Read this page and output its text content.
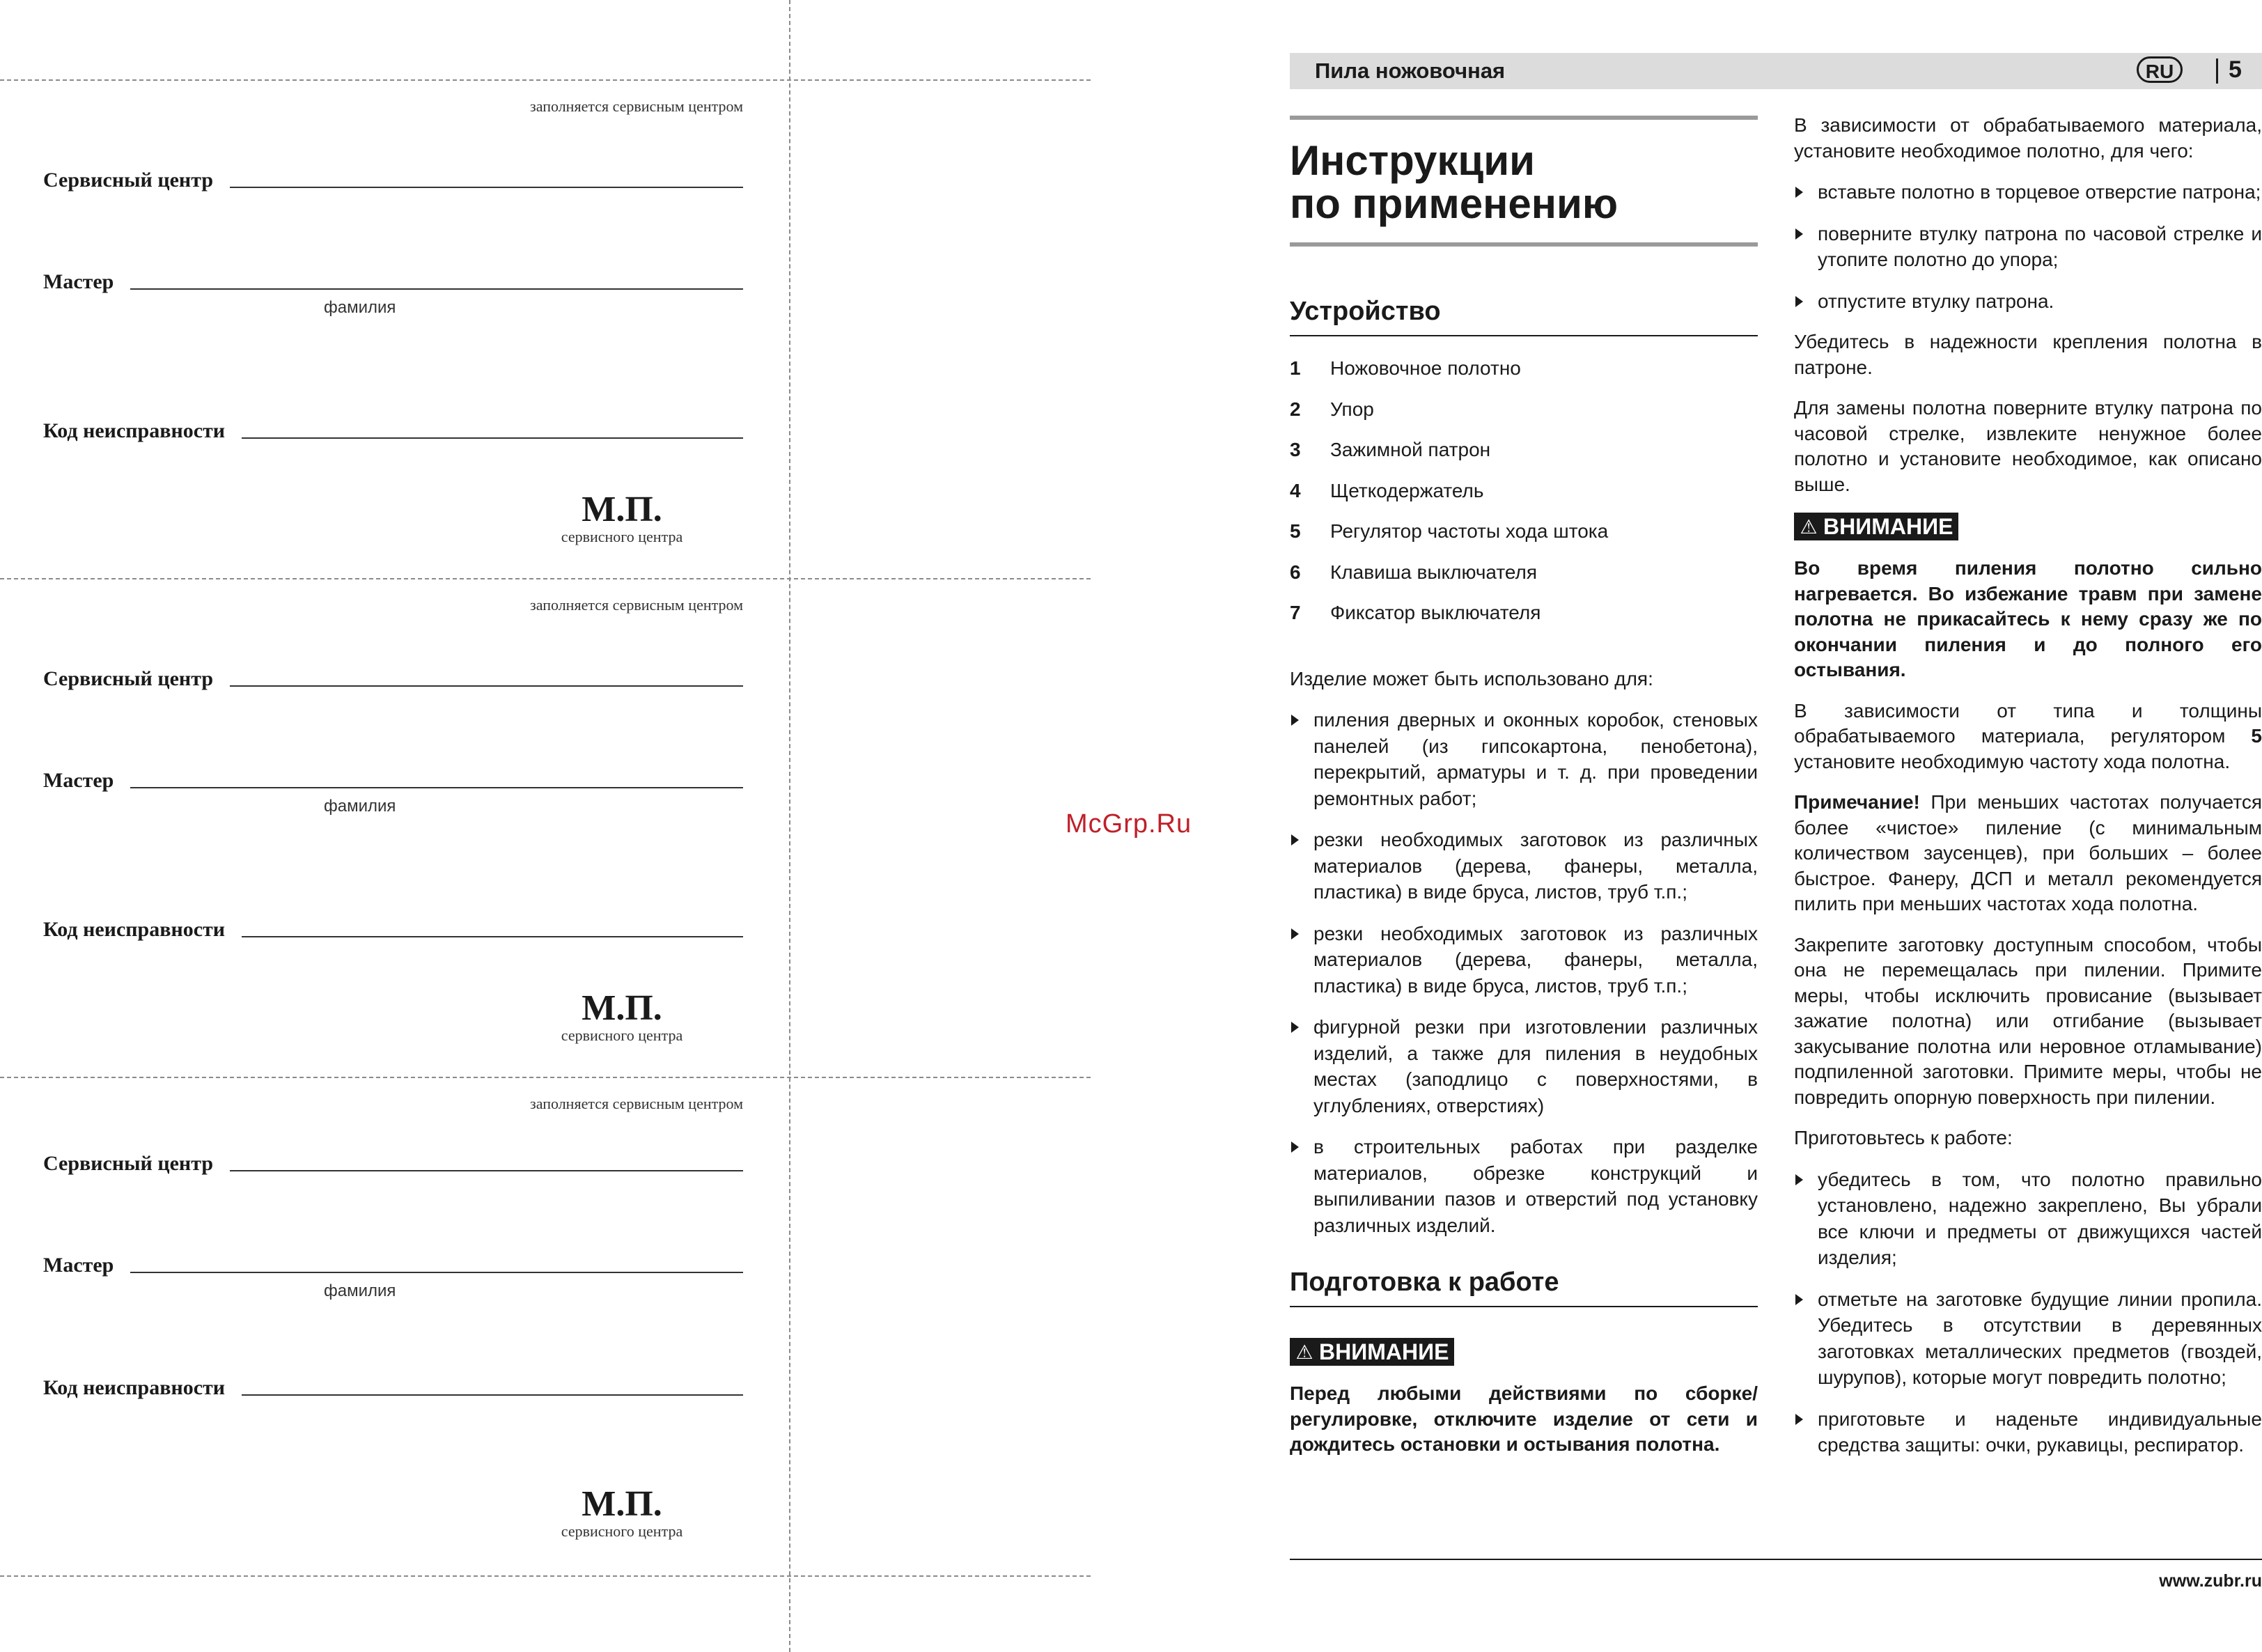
заполняется сервисным центром
Сервисный центр
Мастер
фамилия
Код неисправности
М.П.
сервисного центра
заполняется сервисным центром
Сервисный центр
Мастер
фамилия
Код неисправности
М.П.
сервисного центра
заполняется сервисным центром
Сервисный центр
Мастер
фамилия
Код неисправности
М.П.
сервисного центра
McGrp.Ru
Пила ножовочная	RU	5
Инструкции
по применению
Устройство
1	Ножовочное полотно
2	Упор
3	Зажимной патрон
4	Щеткодержатель
5	Регулятор частоты хода штока
6	Клавиша выключателя
7	Фиксатор выключателя

Изделие может быть использовано для:

пиления дверных и оконных коробок, стеновых панелей (из гипсокартона, пенобетона), перекрытий, арматуры и т. д. при проведении ремонтных работ;
резки необходимых заготовок из различных материалов (дерева, фанеры, металла, пластика) в виде бруса, листов, труб т.п.;
резки необходимых заготовок из различных материалов (дерева, фанеры, металла, пластика) в виде бруса, листов, труб т.п.;
фигурной резки при изготовлении различных изделий, а также для пиления в неудобных местах (заподлицо с поверхностями, в углублениях, отверстиях)
в строительных работах при разделке материалов, обрезке конструкций и выпиливании пазов и отверстий под установку различных изделий.
Подготовка к работе
⚠ ВНИМАНИЕ

Перед любыми действиями по сборке/регулировке, отключите изделие от сети и дождитесь остановки и остывания полотна.

В зависимости от обрабатываемого материала, установите необходимое полотно, для чего:

вставьте полотно в торцевое отверстие патрона;
поверните втулку патрона по часовой стрелке и утопите полотно до упора;
отпустите втулку патрона.

Убедитесь в надежности крепления полотна в патроне.

Для замены полотна поверните втулку патрона по часовой стрелке, извлеките ненужное более полотно и установите необходимое, как описано выше.

⚠ ВНИМАНИЕ

Во время пиления полотно сильно нагревается. Во избежание травм при замене полотна не прикасайтесь к нему сразу же по окончании пиления и до полного его остывания.

В зависимости от типа и толщины обрабатываемого материала, регулятором 5 установите необходимую частоту хода полотна.

Примечание! При меньших частотах получается более «чистое» пиление (с минимальным количеством заусенцев), при больших – более быстрое. Фанеру, ДСП и металл рекомендуется пилить при меньших частотах хода полотна.

Закрепите заготовку доступным способом, чтобы она не перемещалась при пилении. Примите меры, чтобы исключить провисание (вызывает зажатие полотна) или отгибание (вызывает закусывание полотна или неровное отламывание) подпиленной заготовки. Примите меры, чтобы не повредить опорную поверхность при пилении.

Приготовьтесь к работе:

убедитесь в том, что полотно правильно установлено, надежно закреплено, Вы убрали все ключи и предметы от движущихся частей изделия;
отметьте на заготовке будущие линии пропила. Убедитесь в отсутствии в деревянных заготовках металлических предметов (гвоздей, шурупов), которые могут повредить полотно;
приготовьте и наденьте индивидуальные средства защиты: очки, рукавицы, респиратор.
www.zubr.ru
